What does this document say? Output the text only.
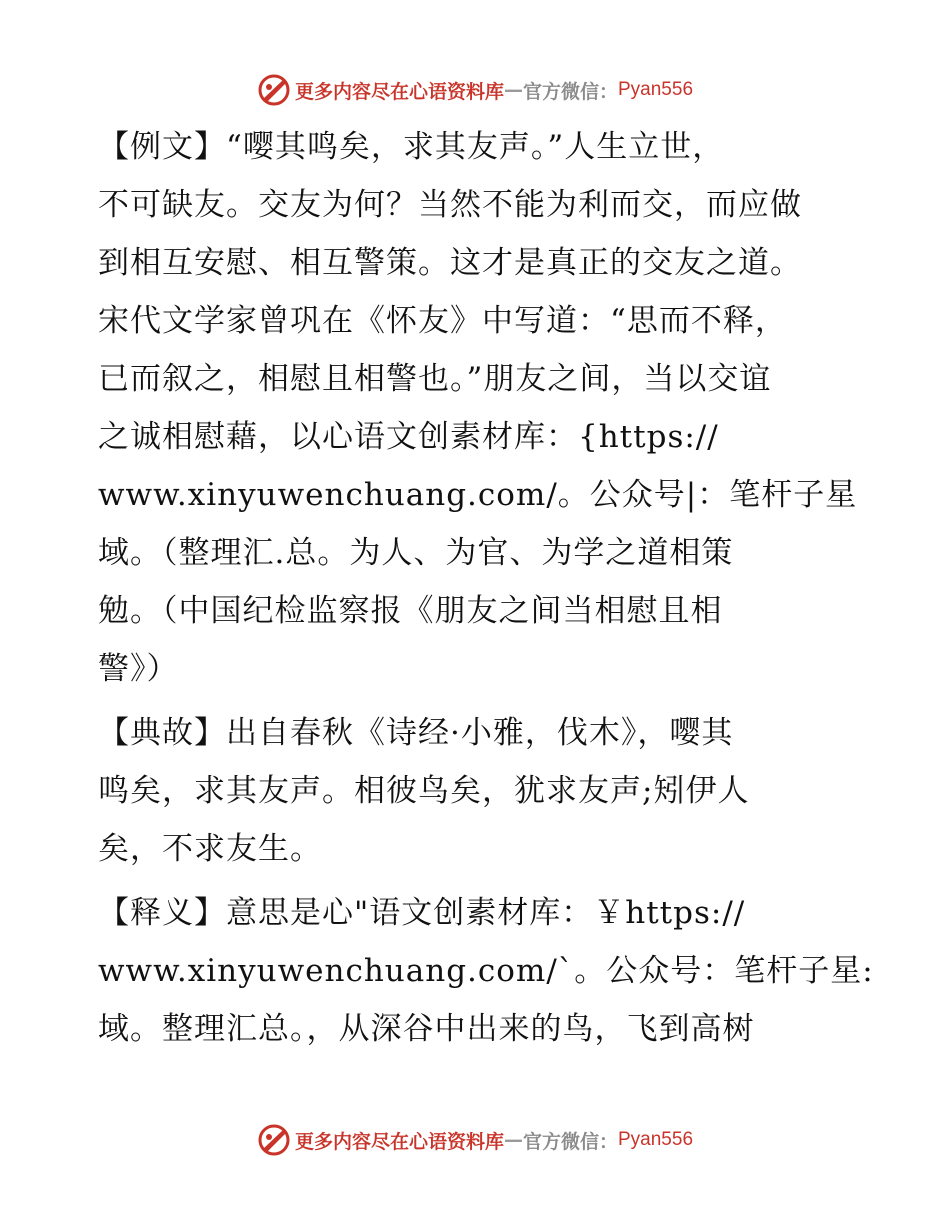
更多内容尽在心语资料库 — 官方微信： Pyan556
【例文】“嘤其鸣矣，求其友声。”人生立世，
不可缺友。交友为何？当然不能为利而交，而应做
到相互安慰、相互警策。这才是真正的交友之道。
宋代文学家曾巩在《怀友》中写道：“思而不释，
已而叙之，相慰且相警也。”朋友之间，当以交谊
之诚相慰藉，以心语文创素材库：{https://
www.xinyuwenchuang.com/。公众号|：笔杆子星
域。（整理汇.总。为人、为官、为学之道相策
勉。（中国纪检监察报《朋友之间当相慰且相
警》）
【典故】出自春秋《诗经·小雅，伐木》，嘤其
鸣矣，求其友声。相彼鸟矣，犹求友声;矧伊人
矣，不求友生。
【释义】意思是心"语文创素材库：￥https://
www.xinyuwenchuang.com/`。公众号：笔杆子星:
域。整理汇总。，从深谷中出来的鸟，飞到高树
更多内容尽在心语资料库 — 官方微信： Pyan556
